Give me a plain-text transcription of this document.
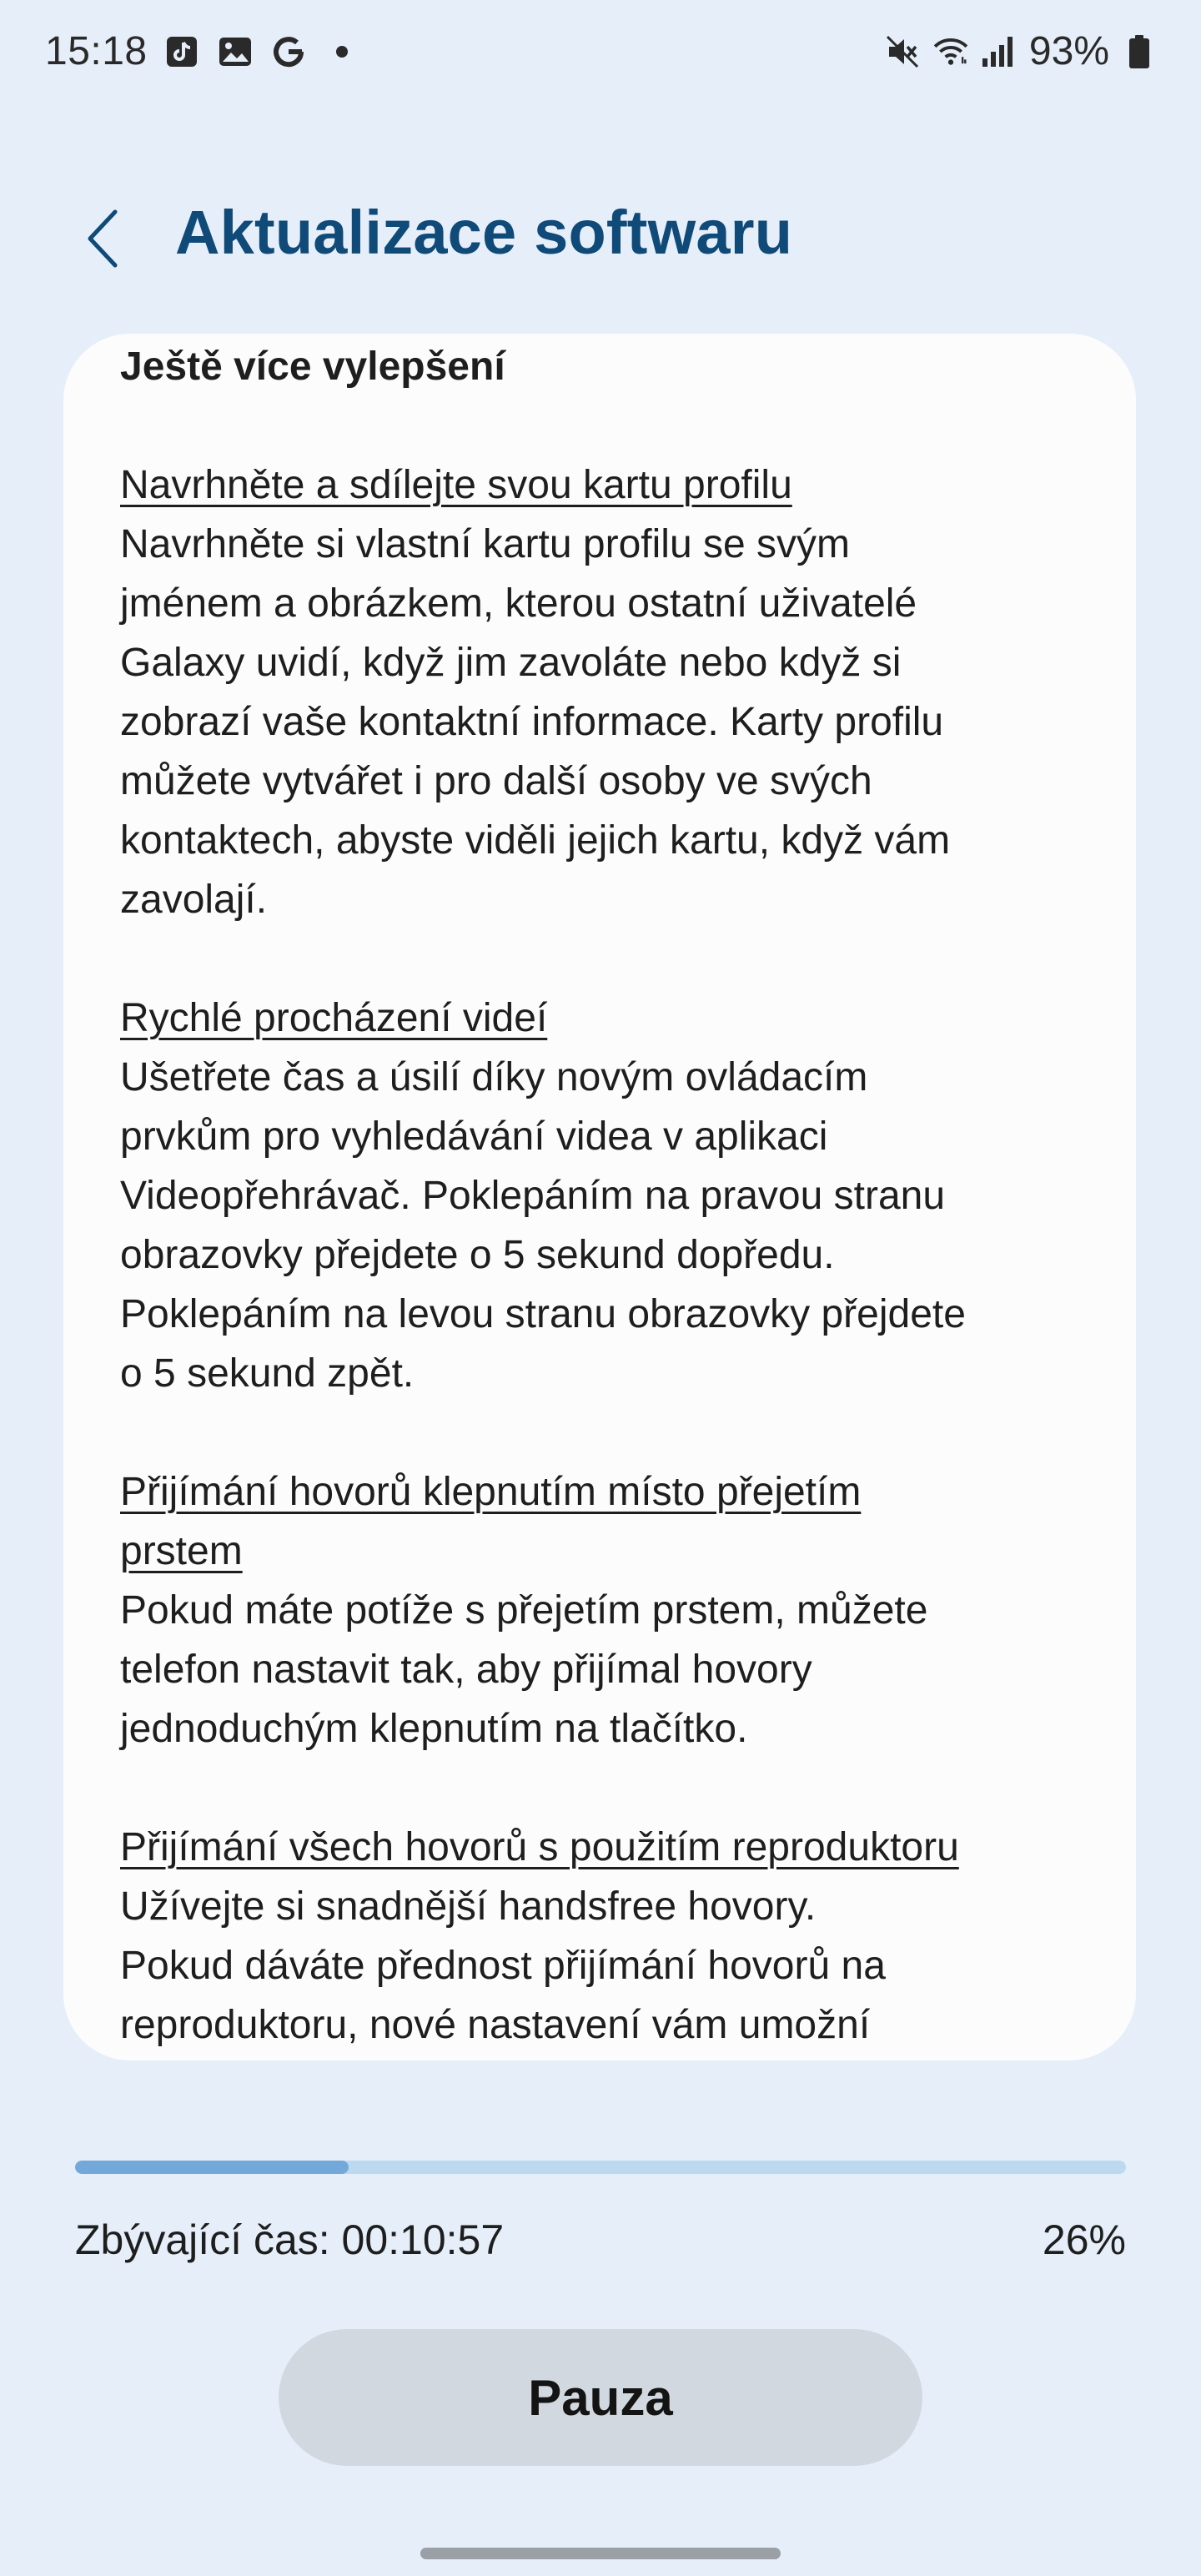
15:18	93%
Aktualizace softwaru
Ještě více vylepšení
Navrhněte a sdílejte svou kartu profilu
Navrhněte si vlastní kartu profilu se svým
jménem a obrázkem, kterou ostatní uživatelé
Galaxy uvidí, když jim zavoláte nebo když si
zobrazí vaše kontaktní informace. Karty profilu
můžete vytvářet i pro další osoby ve svých
kontaktech, abyste viděli jejich kartu, když vám
zavolají.
Rychlé procházení videí
Ušetřete čas a úsilí díky novým ovládacím
prvkům pro vyhledávání videa v aplikaci
Videopřehrávač. Poklepáním na pravou stranu
obrazovky přejdete o 5 sekund dopředu.
Poklepáním na levou stranu obrazovky přejdete
o 5 sekund zpět.
Přijímání hovorů klepnutím místo přejetím
prstem
Pokud máte potíže s přejetím prstem, můžete
telefon nastavit tak, aby přijímal hovory
jednoduchým klepnutím na tlačítko.
Přijímání všech hovorů s použitím reproduktoru
Užívejte si snadnější handsfree hovory.
Pokud dáváte přednost přijímání hovorů na
reproduktoru, nové nastavení vám umožní
Zbývající čas: 00:10:57	26%
Pauza
